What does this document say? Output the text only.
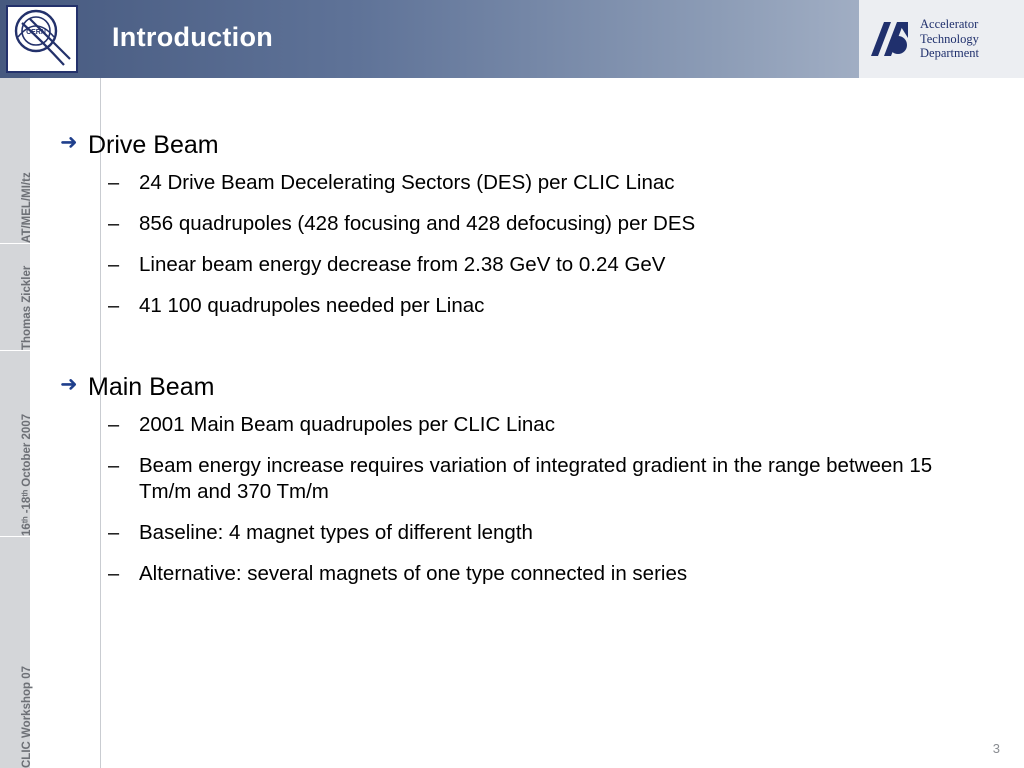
CERN Introduction	Accelerator
Technology
Department
AT/MEL/MI/tz
Thomas Zickler
16ᵗʰ -18ᵗʰ October 2007
CLIC Workshop 07
➜ Drive Beam
– 24 Drive Beam Decelerating Sectors (DES) per CLIC Linac
– 856 quadrupoles (428 focusing and 428 defocusing) per DES
– Linear beam energy decrease from 2.38 GeV to 0.24 GeV
– 41 100 quadrupoles needed per Linac
➜ Main Beam
– 2001 Main Beam quadrupoles per CLIC Linac
– Beam energy increase requires variation of integrated gradient in the range between 15 Tm/m and 370 Tm/m
– Baseline: 4 magnet types of different length
– Alternative: several magnets of one type connected in series
3
